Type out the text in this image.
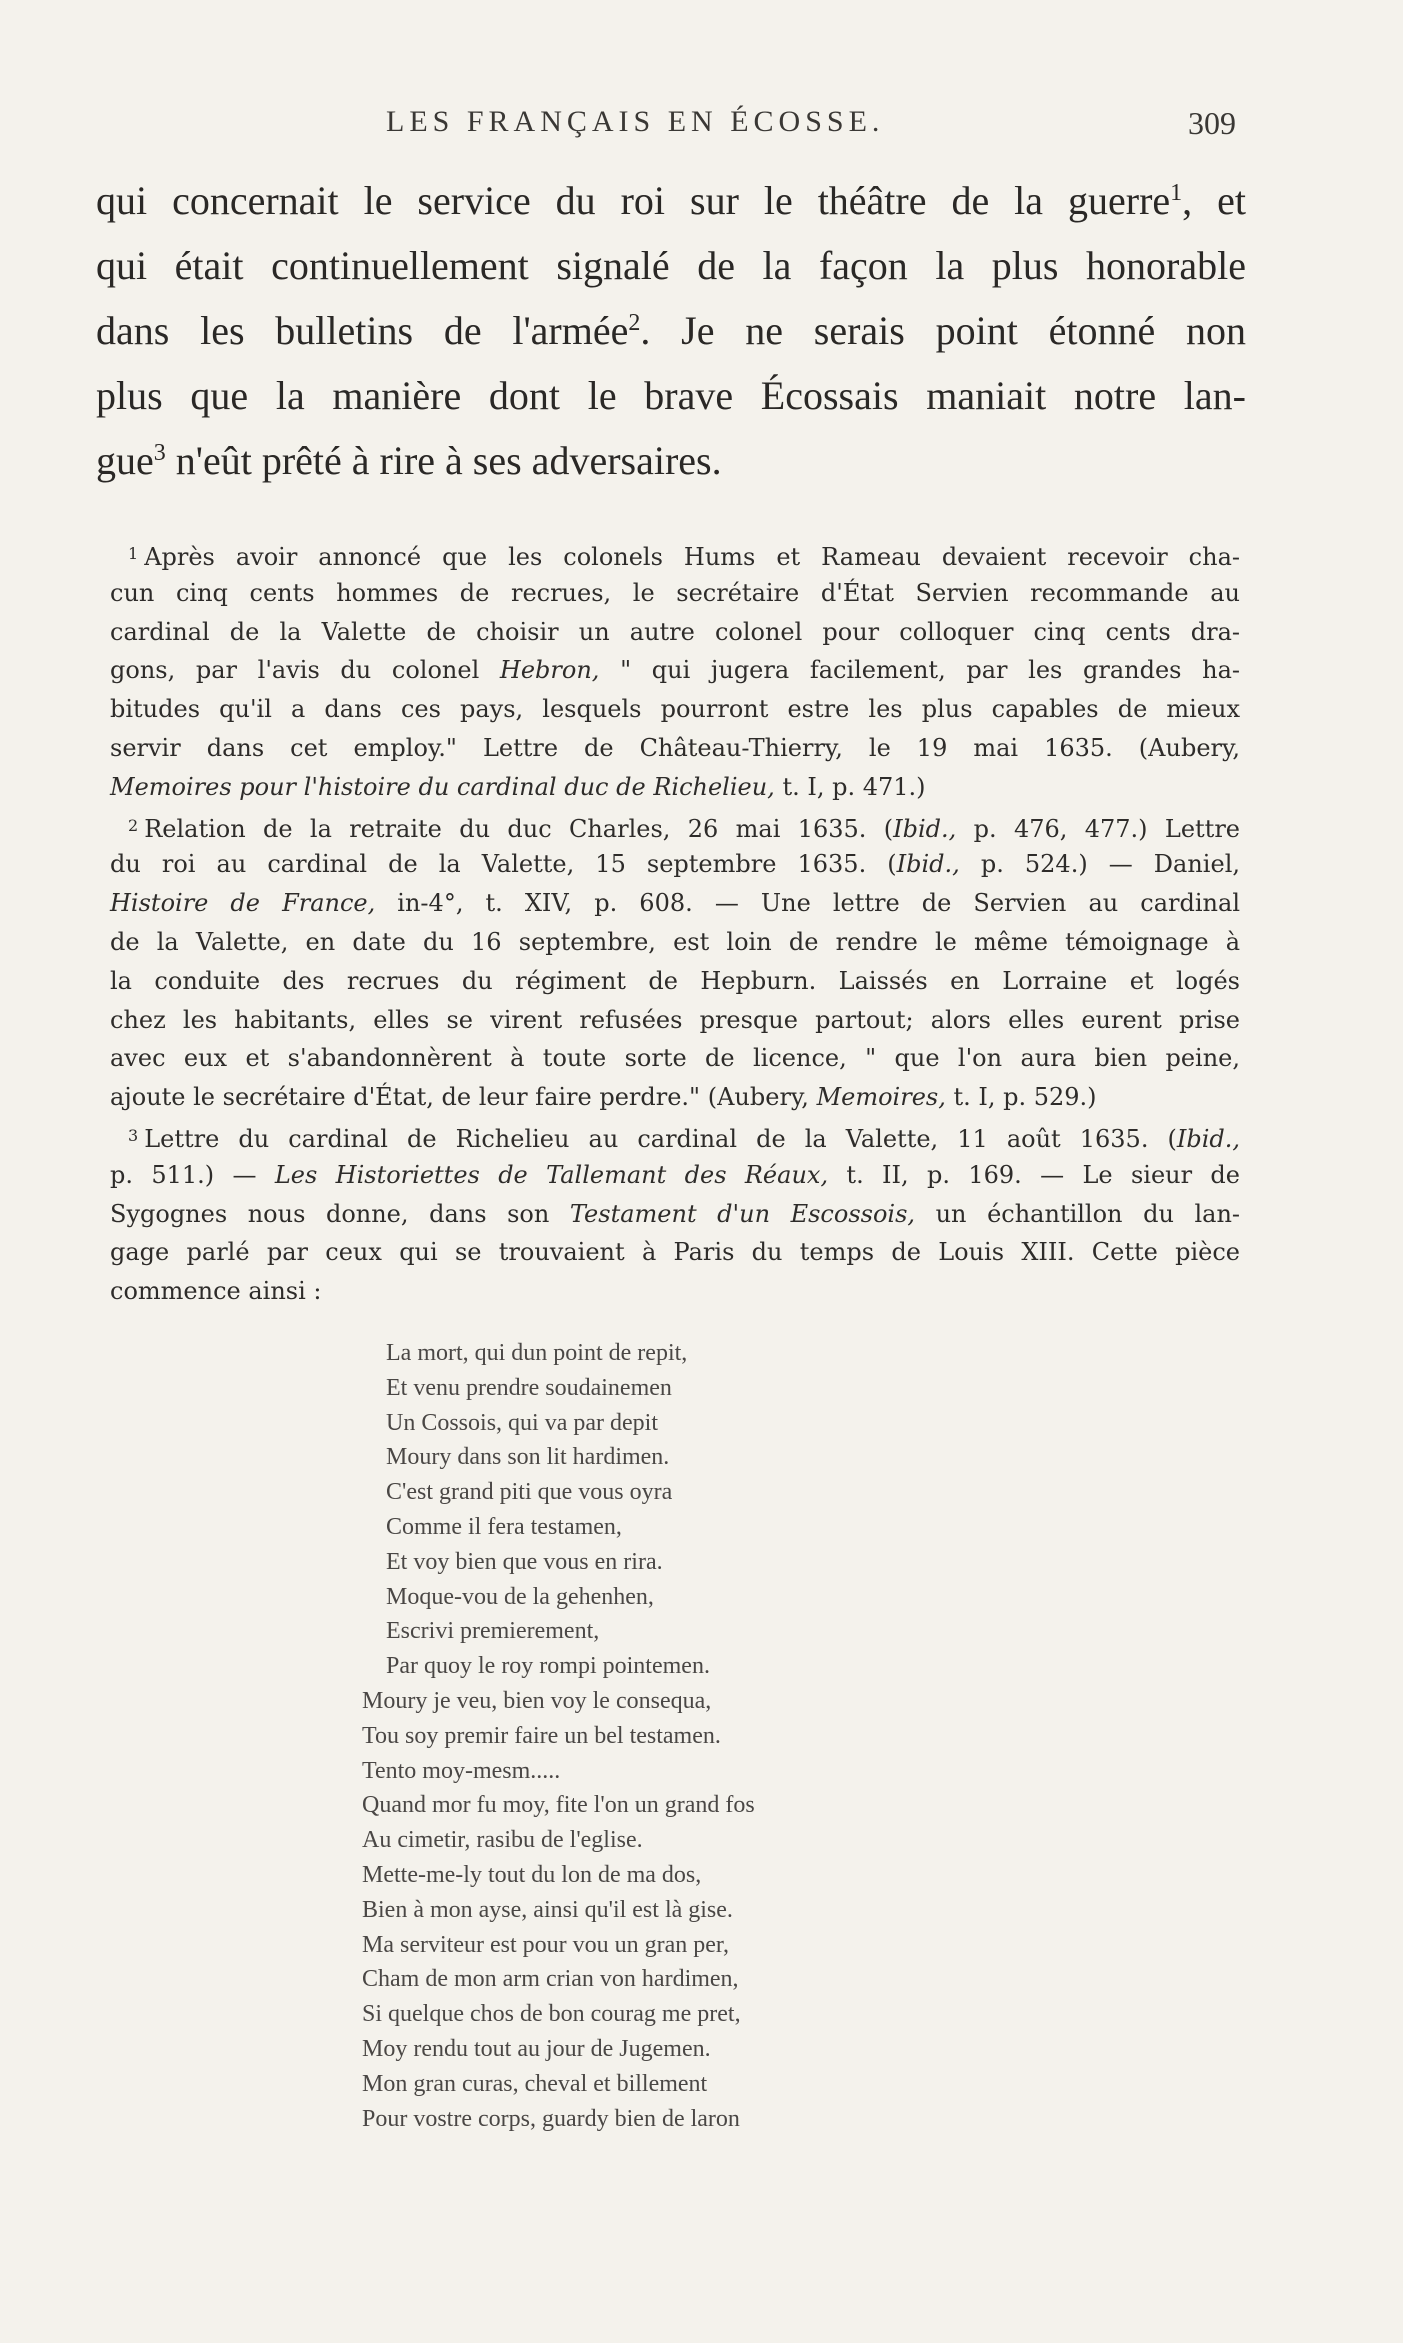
LES FRANÇAIS EN ÉCOSSE.	309
qui concernait le service du roi sur le théâtre de la guerre$^1$, et
qui était continuellement signalé de la façon la plus honorable
dans les bulletins de l'armée$^2$. Je ne serais point étonné non
plus que la manière dont le brave Écossais maniait notre lan-
gue$^3$ n'eût prêté à rire à ses adversaires.
$^1$ Après avoir annoncé que les colonels Hums et Rameau devaient recevoir cha-
cun cinq cents hommes de recrues, le secrétaire d'État Servien recommande au
cardinal de la Valette de choisir un autre colonel pour colloquer cinq cents dra-
gons, par l'avis du colonel Hebron, " qui jugera facilement, par les grandes ha-
bitudes qu'il a dans ces pays, lesquels pourront estre les plus capables de mieux
servir dans cet employ." Lettre de Château-Thierry, le 19 mai 1635. (Aubery,
Memoires pour l'histoire du cardinal duc de Richelieu, t. I, p. 471.)
$^2$ Relation de la retraite du duc Charles, 26 mai 1635. (Ibid., p. 476, 477.) Lettre
du roi au cardinal de la Valette, 15 septembre 1635. (Ibid., p. 524.) — Daniel,
Histoire de France, in-4°, t. XIV, p. 608. — Une lettre de Servien au cardinal
de la Valette, en date du 16 septembre, est loin de rendre le même témoignage à
la conduite des recrues du régiment de Hepburn. Laissés en Lorraine et logés
chez les habitants, elles se virent refusées presque partout; alors elles eurent prise
avec eux et s'abandonnèrent à toute sorte de licence, " que l'on aura bien peine,
ajoute le secrétaire d'État, de leur faire perdre." (Aubery, Memoires, t. I, p. 529.)
$^3$ Lettre du cardinal de Richelieu au cardinal de la Valette, 11 août 1635. (Ibid.,
p. 511.) — Les Historiettes de Tallemant des Réaux, t. II, p. 169. — Le sieur de
Sygognes nous donne, dans son Testament d'un Escossois, un échantillon du lan-
gage parlé par ceux qui se trouvaient à Paris du temps de Louis XIII. Cette pièce
commence ainsi :
La mort, qui dun point de repit,
Et venu prendre soudainemen
Un Cossois, qui va par depit
Moury dans son lit hardimen.
C'est grand piti que vous oyra
Comme il fera testamen,
Et voy bien que vous en rira.
Moque-vou de la gehenhen,
Escrivi premierement,
Par quoy le roy rompi pointemen.
Moury je veu, bien voy le consequa,
Tou soy premir faire un bel testamen.
Tento moy-mesm.....
Quand mor fu moy, fite l'on un grand fos
Au cimetir, rasibu de l'eglise.
Mette-me-ly tout du lon de ma dos,
Bien à mon ayse, ainsi qu'il est là gise.
Ma serviteur est pour vou un gran per,
Cham de mon arm crian von hardimen,
Si quelque chos de bon courag me pret,
Moy rendu tout au jour de Jugemen.
Mon gran curas, cheval et billement
Pour vostre corps, guardy bien de laron
